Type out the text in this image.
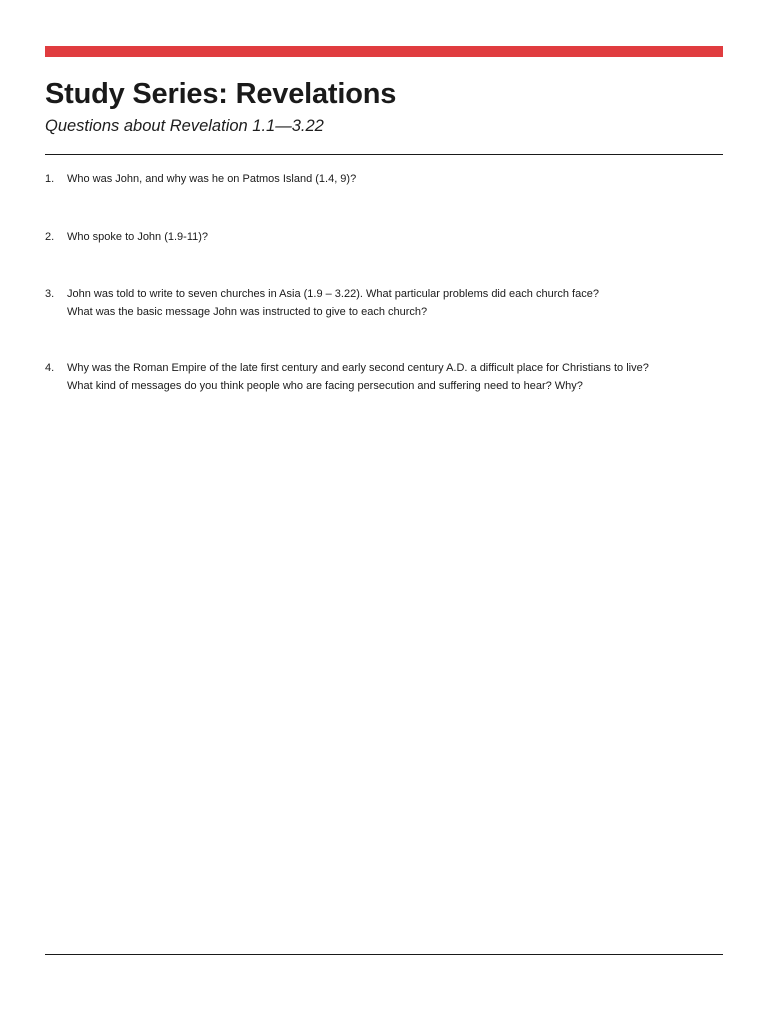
Study Series: Revelations
Questions about Revelation 1.1—3.22
1.	Who was John, and why was he on Patmos Island (1.4, 9)?
2.	Who spoke to John (1.9-11)?
3.	John was told to write to seven churches in Asia (1.9 – 3.22). What particular problems did each church face?
What was the basic message John was instructed to give to each church?
4.	Why was the Roman Empire of the late first century and early second century A.D. a difficult place for Christians to live?
What kind of messages do you think people who are facing persecution and suffering need to hear? Why?
